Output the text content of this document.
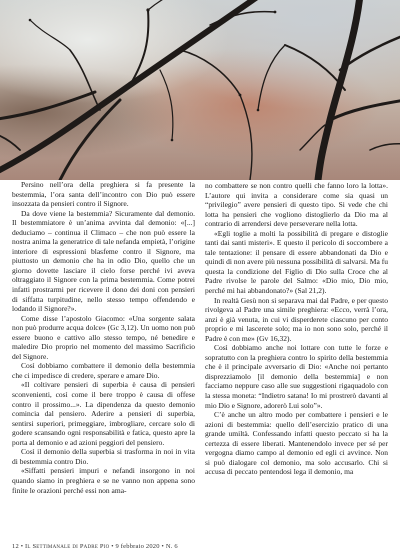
Persino nell’ora della preghiera si fa presente la bestemmia, l’ora santa dell’incontro con Dio può essere insozzata da pensieri contro il Signore.

Da dove viene la bestemmia? Sicuramente dal demonio. Il bestemmiatore è un’anima avvinta dal demonio: «[...] deduciamo – continua il Climaco – che non può essere la nostra anima la generatrice di tale nefanda empietà, l’origine interiore di espressioni blasfeme contro il Signore, ma piuttosto un demonio che ha in odio Dio, quello che un giorno dovette lasciare il cielo forse perché ivi aveva oltraggiato il Signore con la prima bestemmia. Come potrei infatti prostrarmi per ricevere il dono dei doni con pensieri di siffatta turpitudine, nello stesso tempo offendendo e lodando il Signore?».

Come disse l’apostolo Giacomo: «Una sorgente salata non può produrre acqua dolce» (Gc 3,12). Un uomo non può essere buono e cattivo allo stesso tempo, né benedire e maledire Dio proprio nel momento del massimo Sacrificio del Signore.

Così dobbiamo combattere il demonio della bestemmia che ci impedisce di credere, sperare e amare Dio.

«Il coltivare pensieri di superbia è causa di pensieri sconvenienti, così come il bere troppo è causa di offese contro il prossimo...». La dipendenza da questo demonio comincia dal pensiero. Aderire a pensieri di superbia, sentirsi superiori, primeggiare, imbrogliare, cercare solo di godere scansando ogni responsabilità e fatica, questo apre la porta al demonio e ad azioni peggiori del pensiero.

Così il demonio della superbia si trasforma in noi in vita di bestemmia contro Dio.

«Siffatti pensieri impuri e nefandi insorgono in noi quando siamo in preghiera e se ne vanno non appena sono finite le orazioni perché essi non ama-

no combattere se non contro quelli che fanno loro la lotta». L’autore qui invita a considerare come sia quasi un “privilegio” avere pensieri di questo tipo. Si vede che chi lotta ha pensieri che vogliono distoglierlo da Dio ma al contrario di arrendersi deve perseverare nella lotta.

«Egli toglie a molti la possibilità di pregare e distoglie tanti dai santi misteri». E questo il pericolo di soccombere a tale tentazione: il pensare di essere abbandonati da Dio e quindi di non avere più nessuna possibilità di salvarsi. Ma fu questa la condizione del Figlio di Dio sulla Croce che al Padre rivolse le parole del Salmo: «Dio mio, Dio mio, perché mi hai abbandonato?» (Sal 21,2).

In realtà Gesù non si separava mai dal Padre, e per questo rivolgeva al Padre una simile preghiera: «Ecco, verrà l’ora, anzi è già venuta, in cui vi disperderete ciascuno per conto proprio e mi lascerete solo; ma io non sono solo, perché il Padre è con me» (Gv 16,32).

Così dobbiamo anche noi lottare con tutte le forze e sopratutto con la preghiera contro lo spirito della bestemmia che è il principale avversario di Dio: «Anche noi pertanto disprezziamolo [il demonio della bestemmia] e non facciamo neppure caso alle sue suggestioni rigaquadolo con la stessa moneta: “Indietro satana! Io mi prostrerò davanti al mio Dio e Signore, adorerò Lui solo”».

C’è anche un altro modo per combattere i pensieri e le azioni di bestemmia: quello dell’esercizio pratico di una grande umiltà. Confessando infatti questo peccato si ha la certezza di essere liberati. Mantenendolo invece per sé per vergogna diamo campo al demonio ed egli ci avvince. Non si può dialogare col demonio, ma solo accusarlo. Chi si accusa di peccato pentendosi lega il demonio, ma

12 • Il Settimanale di Padre Pio • 9 febbraio 2020 • N. 6
